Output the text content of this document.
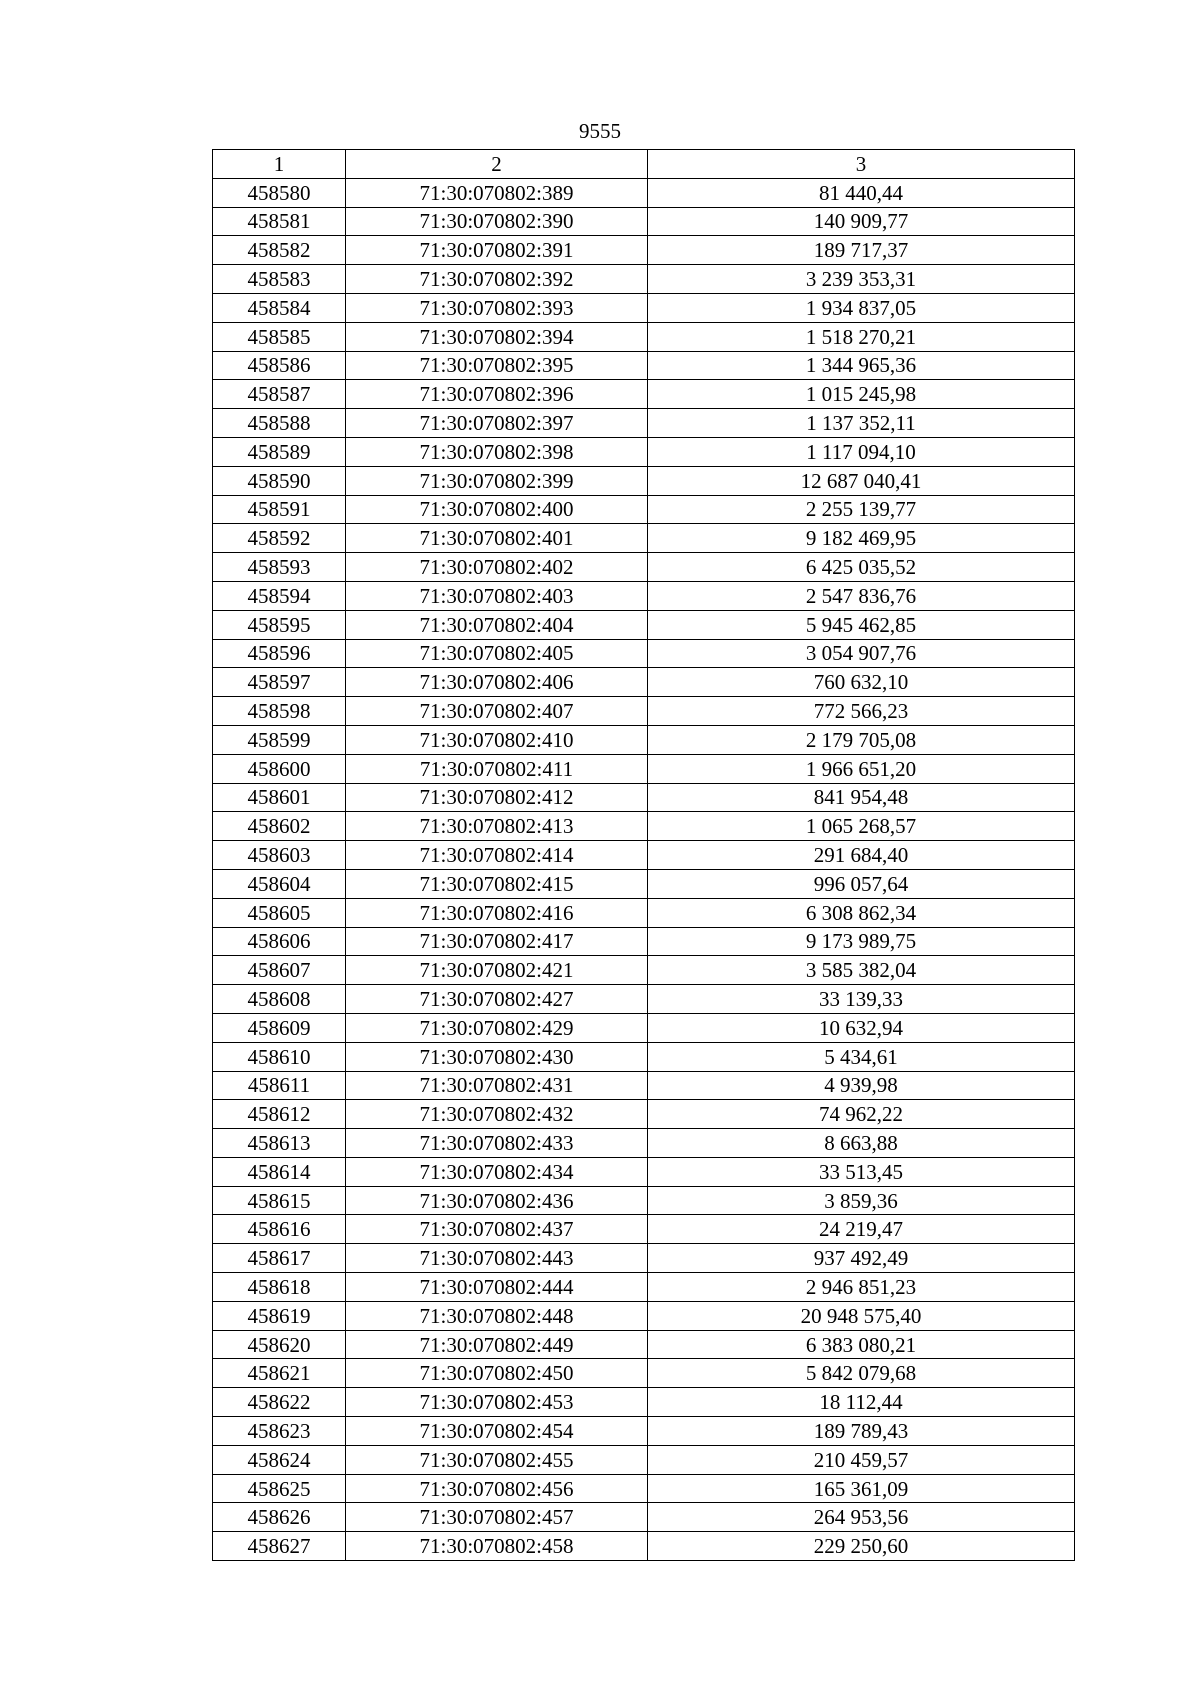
9555
1	2	3
458580	71:30:070802:389	81 440,44
458581	71:30:070802:390	140 909,77
458582	71:30:070802:391	189 717,37
458583	71:30:070802:392	3 239 353,31
458584	71:30:070802:393	1 934 837,05
458585	71:30:070802:394	1 518 270,21
458586	71:30:070802:395	1 344 965,36
458587	71:30:070802:396	1 015 245,98
458588	71:30:070802:397	1 137 352,11
458589	71:30:070802:398	1 117 094,10
458590	71:30:070802:399	12 687 040,41
458591	71:30:070802:400	2 255 139,77
458592	71:30:070802:401	9 182 469,95
458593	71:30:070802:402	6 425 035,52
458594	71:30:070802:403	2 547 836,76
458595	71:30:070802:404	5 945 462,85
458596	71:30:070802:405	3 054 907,76
458597	71:30:070802:406	760 632,10
458598	71:30:070802:407	772 566,23
458599	71:30:070802:410	2 179 705,08
458600	71:30:070802:411	1 966 651,20
458601	71:30:070802:412	841 954,48
458602	71:30:070802:413	1 065 268,57
458603	71:30:070802:414	291 684,40
458604	71:30:070802:415	996 057,64
458605	71:30:070802:416	6 308 862,34
458606	71:30:070802:417	9 173 989,75
458607	71:30:070802:421	3 585 382,04
458608	71:30:070802:427	33 139,33
458609	71:30:070802:429	10 632,94
458610	71:30:070802:430	5 434,61
458611	71:30:070802:431	4 939,98
458612	71:30:070802:432	74 962,22
458613	71:30:070802:433	8 663,88
458614	71:30:070802:434	33 513,45
458615	71:30:070802:436	3 859,36
458616	71:30:070802:437	24 219,47
458617	71:30:070802:443	937 492,49
458618	71:30:070802:444	2 946 851,23
458619	71:30:070802:448	20 948 575,40
458620	71:30:070802:449	6 383 080,21
458621	71:30:070802:450	5 842 079,68
458622	71:30:070802:453	18 112,44
458623	71:30:070802:454	189 789,43
458624	71:30:070802:455	210 459,57
458625	71:30:070802:456	165 361,09
458626	71:30:070802:457	264 953,56
458627	71:30:070802:458	229 250,60
